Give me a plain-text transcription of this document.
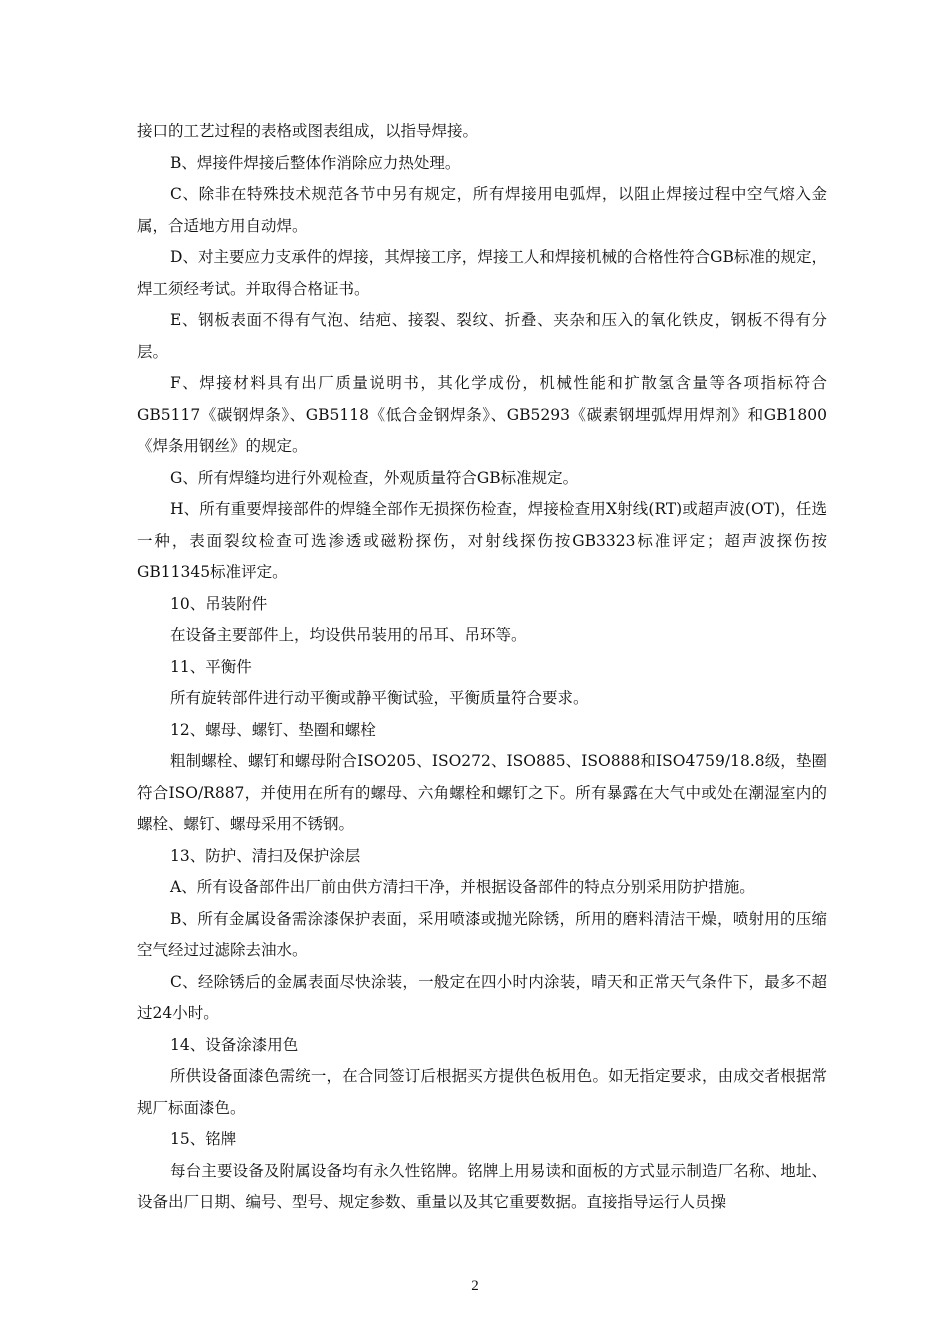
接口的工艺过程的表格或图表组成，以指导焊接。

B、焊接件焊接后整体作消除应力热处理。

C、除非在特殊技术规范各节中另有规定，所有焊接用电弧焊，以阻止焊接过程中空气熔入金属，合适地方用自动焊。

D、对主要应力支承件的焊接，其焊接工序，焊接工人和焊接机械的合格性符合GB标准的规定，焊工须经考试。并取得合格证书。

E、钢板表面不得有气泡、结疤、接裂、裂纹、折叠、夹杂和压入的氧化铁皮，钢板不得有分层。

F、焊接材料具有出厂质量说明书，其化学成份，机械性能和扩散氢含量等各项指标符合GB5117《碳钢焊条》、GB5118《低合金钢焊条》、GB5293《碳素钢埋弧焊用焊剂》和GB1800《焊条用钢丝》的规定。

G、所有焊缝均进行外观检查，外观质量符合GB标准规定。

H、所有重要焊接部件的焊缝全部作无损探伤检查，焊接检查用X射线(RT)或超声波(OT)，任选一种，表面裂纹检查可选渗透或磁粉探伤，对射线探伤按GB3323标准评定；超声波探伤按GB11345标准评定。

10、吊装附件

在设备主要部件上，均设供吊装用的吊耳、吊环等。

11、平衡件

所有旋转部件进行动平衡或静平衡试验，平衡质量符合要求。

12、螺母、螺钉、垫圈和螺栓

粗制螺栓、螺钉和螺母附合ISO205、ISO272、ISO885、ISO888和ISO4759/18.8级，垫圈符合ISO/R887，并使用在所有的螺母、六角螺栓和螺钉之下。所有暴露在大气中或处在潮湿室内的螺栓、螺钉、螺母采用不锈钢。

13、防护、清扫及保护涂层

A、所有设备部件出厂前由供方清扫干净，并根据设备部件的特点分别采用防护措施。

B、所有金属设备需涂漆保护表面，采用喷漆或抛光除锈，所用的磨料清洁干燥，喷射用的压缩空气经过过滤除去油水。

C、经除锈后的金属表面尽快涂装，一般定在四小时内涂装，晴天和正常天气条件下，最多不超过24小时。

14、设备涂漆用色

所供设备面漆色需统一，在合同签订后根据买方提供色板用色。如无指定要求，由成交者根据常规厂标面漆色。

15、铭牌

每台主要设备及附属设备均有永久性铭牌。铭牌上用易读和面板的方式显示制造厂名称、地址、设备出厂日期、编号、型号、规定参数、重量以及其它重要数据。直接指导运行人员操

2
